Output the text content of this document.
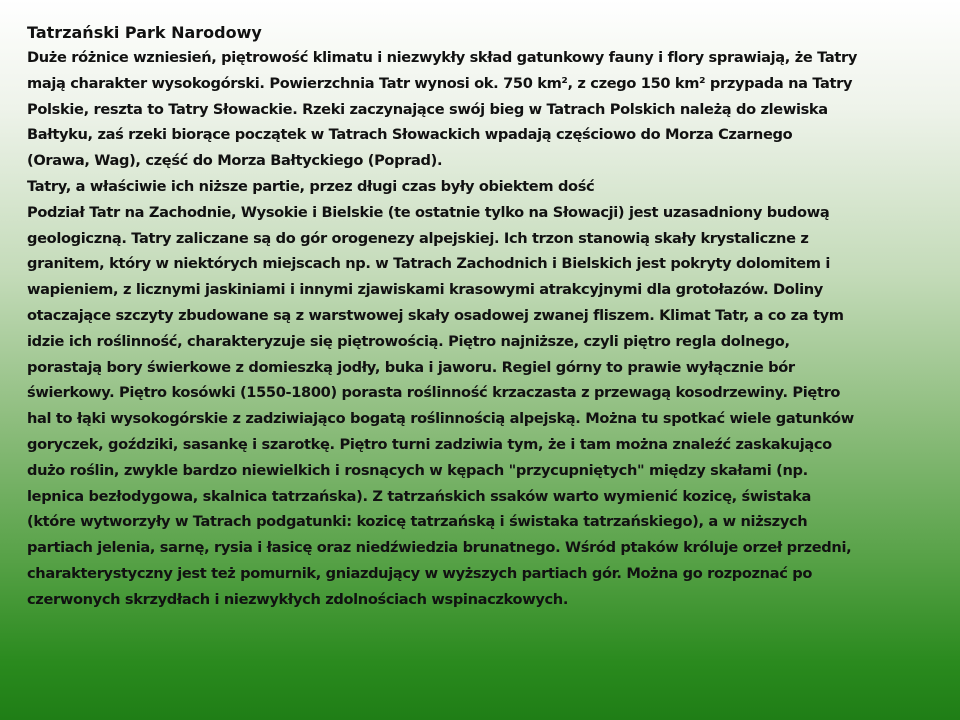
Tatrzański Park Narodowy

Duże różnice wzniesień, piętrowość klimatu i niezwykły skład gatunkowy fauny i flory sprawiają, że Tatry
mają charakter wysokogórski. Powierzchnia Tatr wynosi ok. 750 km², z czego 150 km² przypada na Tatry
Polskie, reszta to Tatry Słowackie. Rzeki zaczynające swój bieg w Tatrach Polskich należą do zlewiska
Bałtyku, zaś rzeki biorące początek w Tatrach Słowackich wpadają częściowo do Morza Czarnego
(Orawa, Wag), część do Morza Bałtyckiego (Poprad).
Tatry, a właściwie ich niższe partie, przez długi czas były obiektem dość
Podział Tatr na Zachodnie, Wysokie i Bielskie (te ostatnie tylko na Słowacji) jest uzasadniony budową
geologiczną. Tatry zaliczane są do gór orogenezy alpejskiej. Ich trzon stanowią skały krystaliczne z
granitem, który w niektórych miejscach np. w Tatrach Zachodnich i Bielskich jest pokryty dolomitem i
wapieniem, z licznymi jaskiniami i innymi zjawiskami krasowymi atrakcyjnymi dla grotołazów. Doliny
otaczające szczyty zbudowane są z warstwowej skały osadowej zwanej fliszem. Klimat Tatr, a co za tym
idzie ich roślinność, charakteryzuje się piętrowością. Piętro najniższe, czyli piętro regla dolnego,
porastają bory świerkowe z domieszką jodły, buka i jaworu. Regiel górny to prawie wyłącznie bór
świerkowy. Piętro kosówki (1550-1800) porasta roślinność krzaczasta z przewagą kosodrzewiny. Piętro
hal to łąki wysokogórskie z zadziwiająco bogatą roślinnością alpejską. Można tu spotkać wiele gatunków
goryczek, goździki, sasankę i szarotkę. Piętro turni zadziwia tym, że i tam można znaleźć zaskakująco
dużo roślin, zwykle bardzo niewielkich i rosnących w kępach "przycupniętych" między skałami (np.
lepnica bezłodygowa, skalnica tatrzańska). Z tatrzańskich ssaków warto wymienić kozicę, świstaka
(które wytworzyły w Tatrach podgatunki: kozicę tatrzańską i świstaka tatrzańskiego), a w niższych
partiach jelenia, sarnę, rysia i łasicę oraz niedźwiedzia brunatnego. Wśród ptaków króluje orzeł przedni,
charakterystyczny jest też pomurnik, gniazdujący w wyższych partiach gór. Można go rozpoznać po
czerwonych skrzydłach i niezwykłych zdolnościach wspinaczkowych.
